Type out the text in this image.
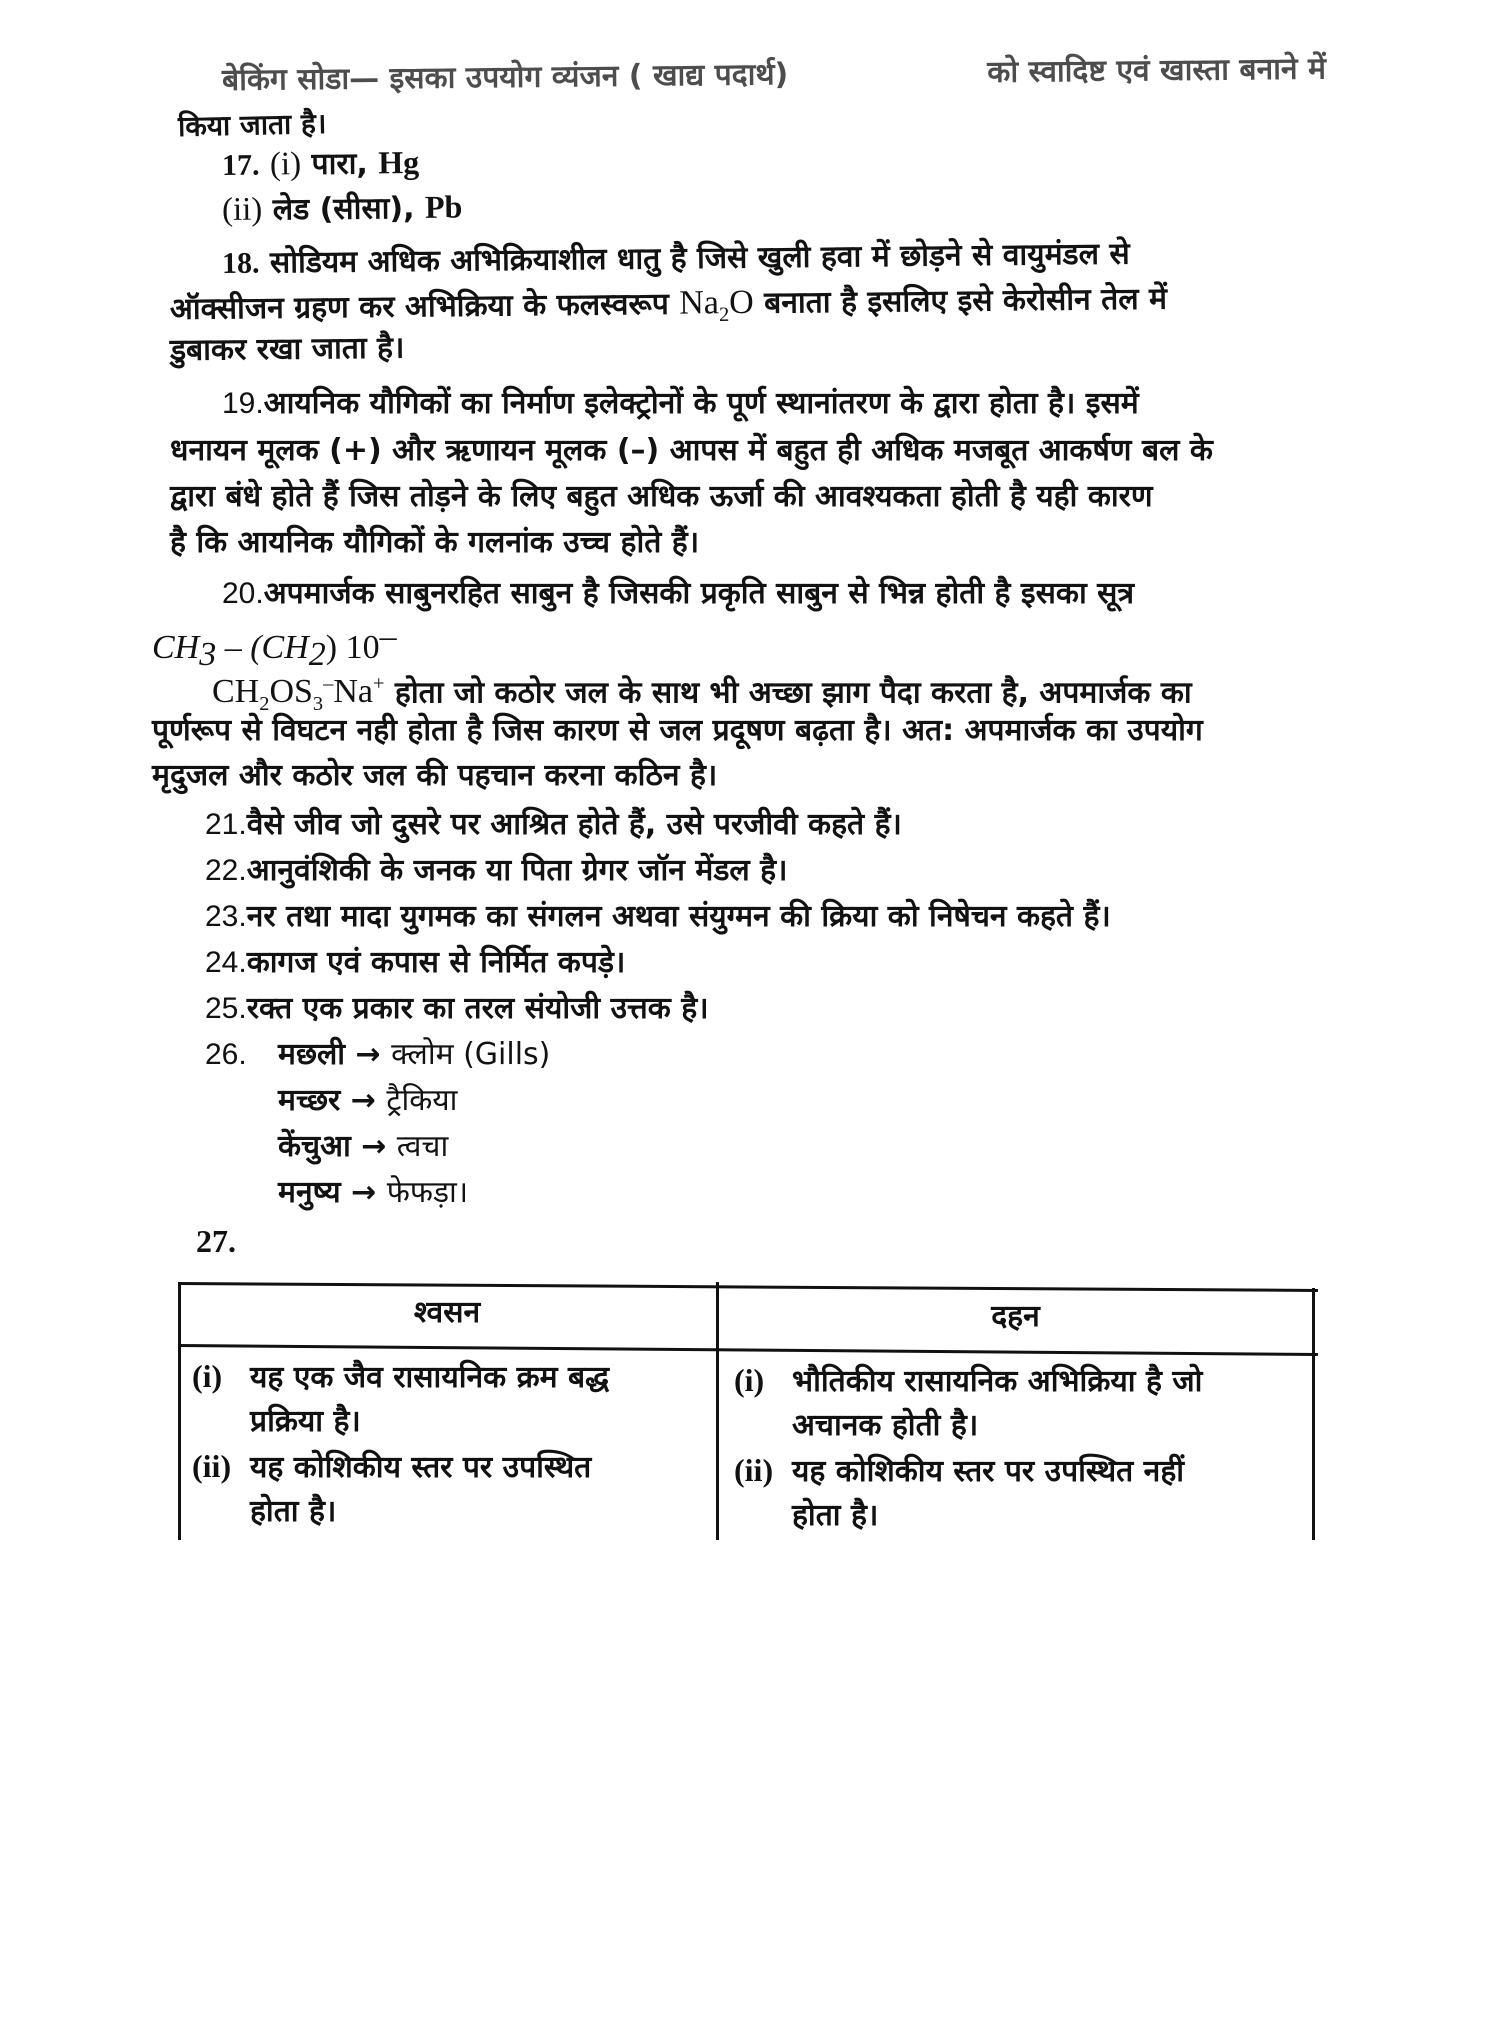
बेकिंग सोडा— इसका उपयोग व्यंजन ( खाद्य पदार्थ)	को स्वादिष्ट एवं खास्ता बनाने में
किया जाता है।
17. (i) पारा, Hg
(ii) लेड (सीसा), Pb
18. सोडियम अधिक अभिक्रियाशील धातु है जिसे खुली हवा में छोड़ने से वायुमंडल से
ऑक्सीजन ग्रहण कर अभिक्रिया के फलस्वरूप $Na_2O$ बनाता है इसलिए इसे केरोसीन तेल में
डुबाकर रखा जाता है।
19.आयनिक यौगिकों का निर्माण इलेक्ट्रोनों के पूर्ण स्थानांतरण के द्वारा होता है। इसमें
धनायन मूलक (+) और ऋणायन मूलक (–) आपस में बहुत ही अधिक मजबूत आकर्षण बल के
द्वारा बंधे होते हैं जिस तोड़ने के लिए बहुत अधिक ऊर्जा की आवश्यकता होती है यही कारण
है कि आयनिक यौगिकों के गलनांक उच्च होते हैं।
20.अपमार्जक साबुनरहित साबुन है जिसकी प्रकृति साबुन से भिन्न होती है इसका सूत्र
$CH_3 - (CH_2)$ 10–
$CH_2OS_3^-Na^+$ होता जो कठोर जल के साथ भी अच्छा झाग पैदा करता है, अपमार्जक का
पूर्णरूप से विघटन नही होता है जिस कारण से जल प्रदूषण बढ़ता है। अत: अपमार्जक का उपयोग
मृदुजल और कठोर जल की पहचान करना कठिन है।
21.वैसे जीव जो दुसरे पर आश्रित होते हैं, उसे परजीवी कहते हैं।
22.आनुवंशिकी के जनक या पिता ग्रेगर जॉन मेंडल है।
23.नर तथा मादा युगमक का संगलन अथवा संयुग्मन की क्रिया को निषेचन कहते हैं।
24.कागज एवं कपास से निर्मित कपड़े।
25.रक्त एक प्रकार का तरल संयोजी उत्तक है।
26. मछली → क्लोम (Gills)
मच्छर → ट्रैकिया
केंचुआ → त्वचा
मनुष्य → फेफड़ा।
27.
श्वसन	दहन
(i) यह एक जैव रासायनिक क्रम बद्ध
प्रक्रिया है।
(ii) यह कोशिकीय स्तर पर उपस्थित
होता है।
(i) भौतिकीय रासायनिक अभिक्रिया है जो
अचानक होती है।
(ii) यह कोशिकीय स्तर पर उपस्थित नहीं
होता है।
